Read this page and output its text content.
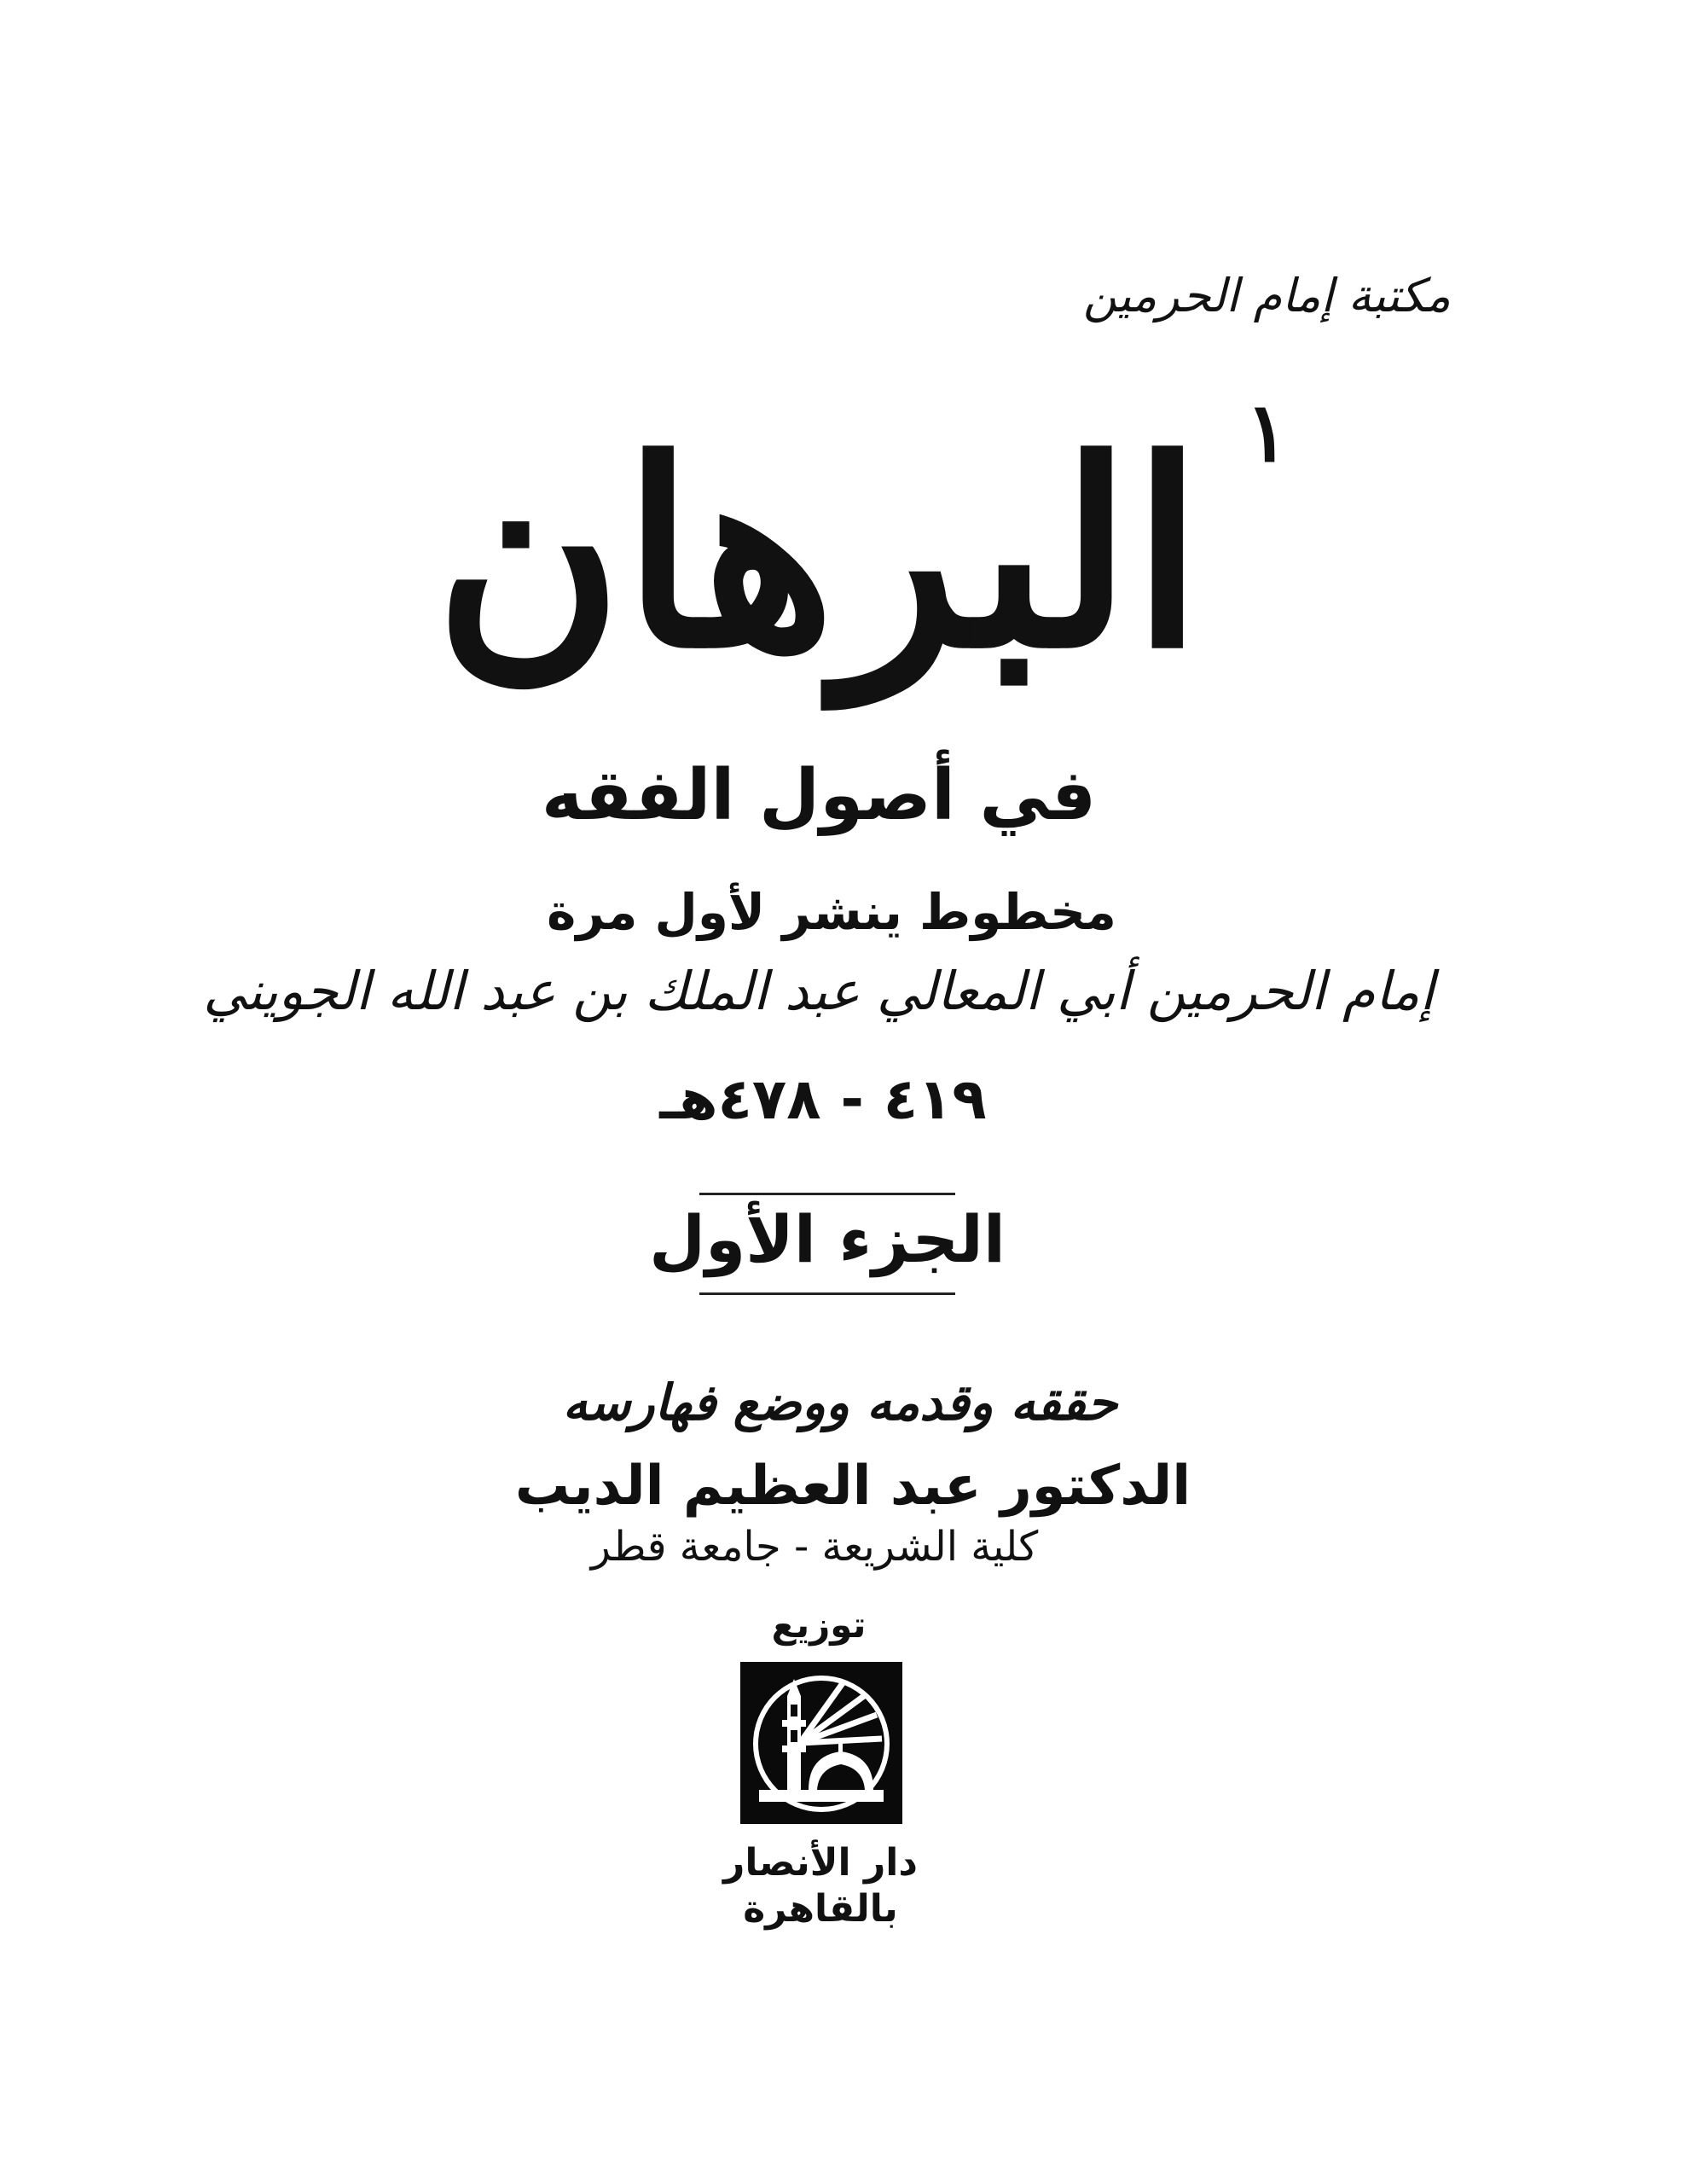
مكتبة إمام الحرمين
١
البرهان
في أصول الفقه
مخطوط ينشر لأول مرة
إمام الحرمين أبي المعالي عبد الملك بن عبد الله الجويني
٤١٩ - ٤٧٨هـ
الجزء الأول
حققه وقدمه ووضع فهارسه
الدكتور عبد العظيم الديب
كلية الشريعة - جامعة قطر
توزيع
دار الأنصار
بالقاهرة
